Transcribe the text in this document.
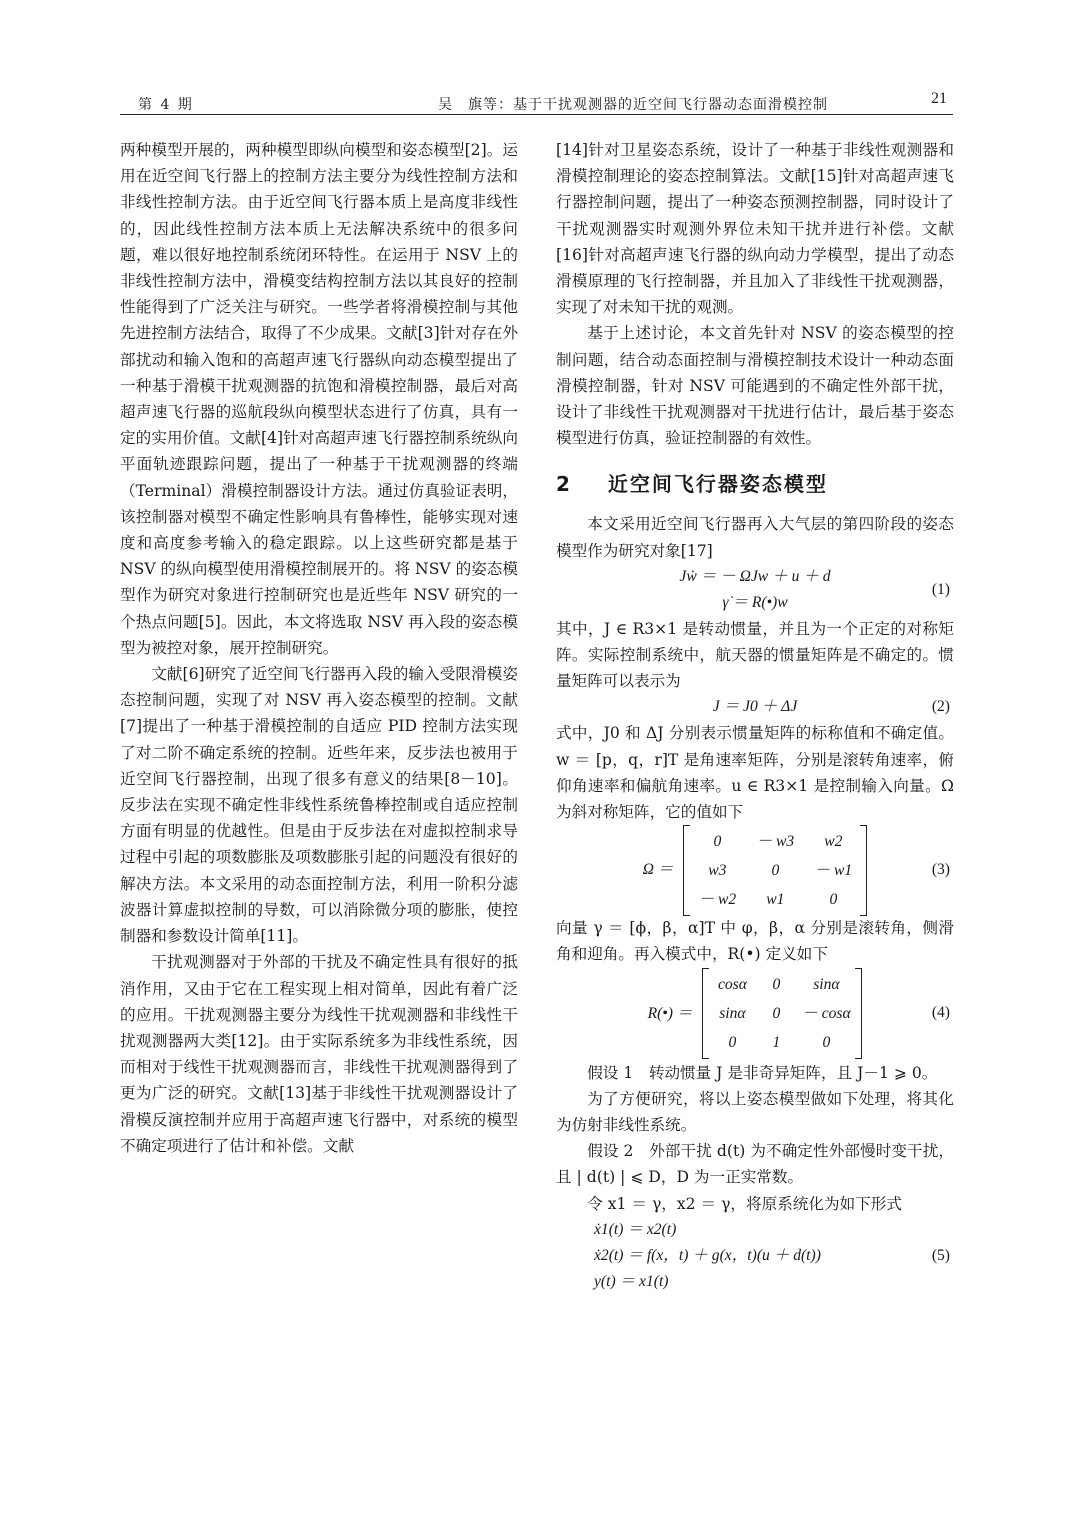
第 4 期	吴　旗等：基于干扰观测器的近空间飞行器动态面滑模控制	21

两种模型开展的，两种模型即纵向模型和姿态模型[2]。运用在近空间飞行器上的控制方法主要分为线性控制方法和非线性控制方法。由于近空间飞行器本质上是高度非线性的，因此线性控制方法本质上无法解决系统中的很多问题，难以很好地控制系统闭环特性。在运用于 NSV 上的非线性控制方法中，滑模变结构控制方法以其良好的控制性能得到了广泛关注与研究。一些学者将滑模控制与其他先进控制方法结合，取得了不少成果。文献[3]针对存在外部扰动和输入饱和的高超声速飞行器纵向动态模型提出了一种基于滑模干扰观测器的抗饱和滑模控制器，最后对高超声速飞行器的巡航段纵向模型状态进行了仿真，具有一定的实用价值。文献[4]针对高超声速飞行器控制系统纵向平面轨迹跟踪问题，提出了一种基于干扰观测器的终端（Terminal）滑模控制器设计方法。通过仿真验证表明，该控制器对模型不确定性影响具有鲁棒性，能够实现对速度和高度参考输入的稳定跟踪。以上这些研究都是基于 NSV 的纵向模型使用滑模控制展开的。将 NSV 的姿态模型作为研究对象进行控制研究也是近些年 NSV 研究的一个热点问题[5]。因此，本文将选取 NSV 再入段的姿态模型为被控对象，展开控制研究。

文献[6]研究了近空间飞行器再入段的输入受限滑模姿态控制问题，实现了对 NSV 再入姿态模型的控制。文献[7]提出了一种基于滑模控制的自适应 PID 控制方法实现了对二阶不确定系统的控制。近些年来，反步法也被用于近空间飞行器控制，出现了很多有意义的结果[8－10]。反步法在实现不确定性非线性系统鲁棒控制或自适应控制方面有明显的优越性。但是由于反步法在对虚拟控制求导过程中引起的项数膨胀及项数膨胀引起的问题没有很好的解决方法。本文采用的动态面控制方法，利用一阶积分滤波器计算虚拟控制的导数，可以消除微分项的膨胀，使控制器和参数设计简单[11]。

干扰观测器对于外部的干扰及不确定性具有很好的抵消作用，又由于它在工程实现上相对简单，因此有着广泛的应用。干扰观测器主要分为线性干扰观测器和非线性干扰观测器两大类[12]。由于实际系统多为非线性系统，因而相对于线性干扰观测器而言，非线性干扰观测器得到了更为广泛的研究。文献[13]基于非线性干扰观测器设计了滑模反演控制并应用于高超声速飞行器中，对系统的模型不确定项进行了估计和补偿。文献

[14]针对卫星姿态系统，设计了一种基于非线性观测器和滑模控制理论的姿态控制算法。文献[15]针对高超声速飞行器控制问题，提出了一种姿态预测控制器，同时设计了干扰观测器实时观测外界位未知干扰并进行补偿。文献[16]针对高超声速飞行器的纵向动力学模型，提出了动态滑模原理的飞行控制器，并且加入了非线性干扰观测器，实现了对未知干扰的观测。

基于上述讨论，本文首先针对 NSV 的姿态模型的控制问题，结合动态面控制与滑模控制技术设计一种动态面滑模控制器，针对 NSV 可能遇到的不确定性外部干扰，设计了非线性干扰观测器对干扰进行估计，最后基于姿态模型进行仿真，验证控制器的有效性。

2 近空间飞行器姿态模型

本文采用近空间飞行器再入大气层的第四阶段的姿态模型作为研究对象[17]

Jẇ ＝ － ΩJw ＋ u ＋ d
γ̇ ＝ R(•)w
(1)

其中，J ∈ R3×1 是转动惯量，并且为一个正定的对称矩阵。实际控制系统中，航天器的惯量矩阵是不确定的。惯量矩阵可以表示为

J ＝ J0 ＋ ΔJ	(2)

式中，J0 和 ΔJ 分别表示惯量矩阵的标称值和不确定值。w ＝ [p，q，r]T 是角速率矩阵，分别是滚转角速率，俯仰角速率和偏航角速率。u ∈ R3×1 是控制输入向量。Ω 为斜对称矩阵，它的值如下

Ω ＝
0	－ w3	w2
w3	0	－ w1
－ w2	w1	0
(3)

向量 γ ＝ [ϕ，β，α]T 中 φ，β，α 分别是滚转角，侧滑角和迎角。再入模式中，R(•) 定义如下

R(•) ＝
cosα	0	sinα
sinα	0	－ cosα
0	1	0
(4)

假设 1　转动惯量 J 是非奇异矩阵，且 J－1 ⩾ 0。

为了方便研究，将以上姿态模型做如下处理，将其化为仿射非线性系统。

假设 2　外部干扰 d(t) 为不确定性外部慢时变干扰，且 | d(t) | ⩽ D，D 为一正实常数。

令 x1 ＝ γ，x2 ＝ γ，将原系统化为如下形式

ẋ1(t) ＝ x2(t)
ẋ2(t) ＝ f(x，t) ＋ g(x，t)(u ＋ d(t))
y(t) ＝ x1(t)
(5)
